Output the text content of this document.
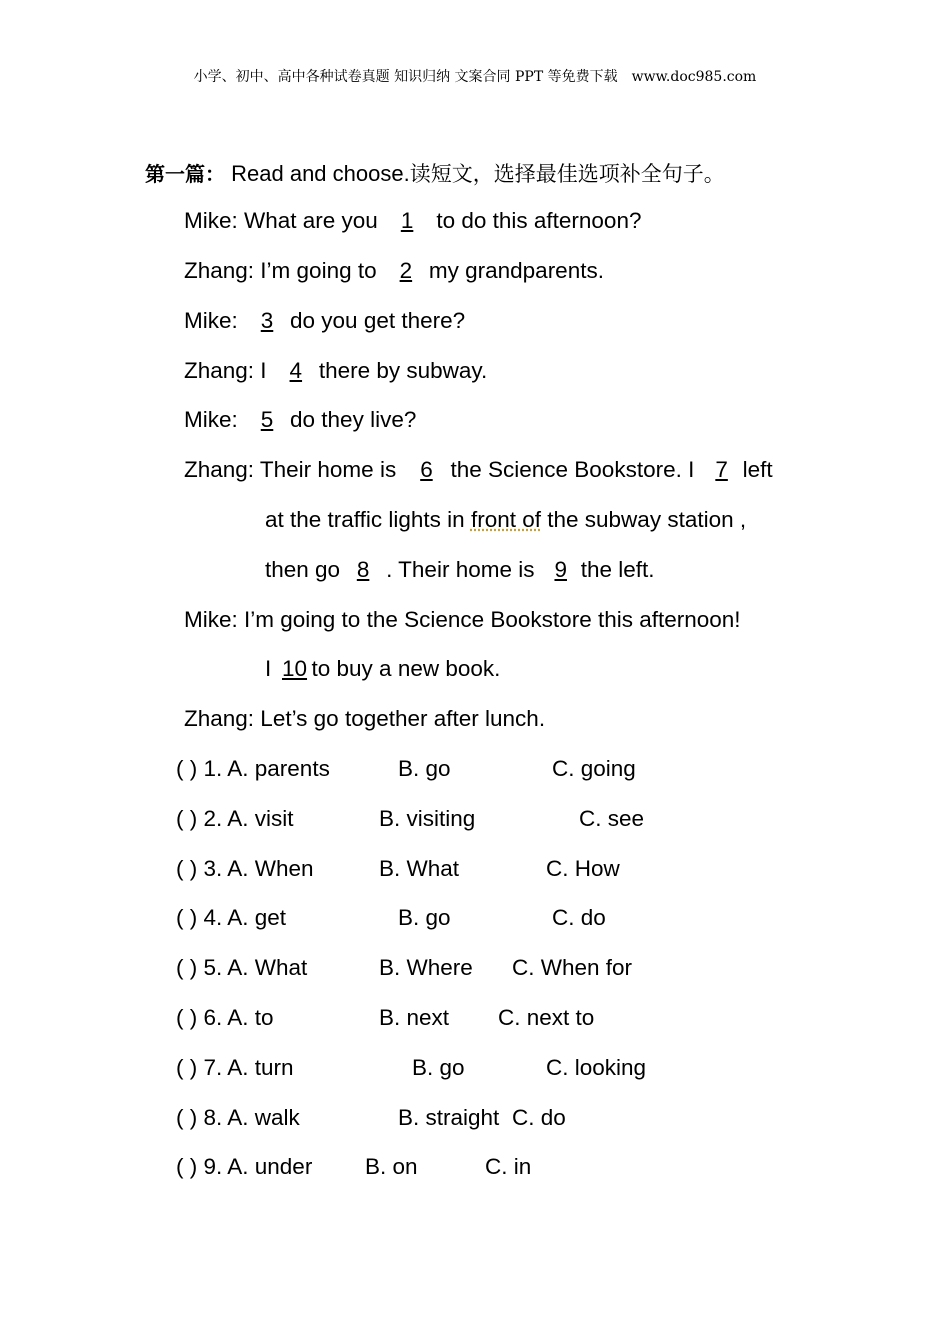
小学、初中、高中各种试卷真题 知识归纳 文案合同 PPT 等免费下载 www.doc985.com
第一篇： Read and choose.读短文，选择最佳选项补全句子。
Mike: What are you 1 to do this afternoon?
Zhang: I’m going to 2 my grandparents.
Mike: 3 do you get there?
Zhang: I 4 there by subway.
Mike: 5 do they live?
Zhang: Their home is 6 the Science Bookstore. I 7 left
at the traffic lights in front of the subway station ,
then go 8 . Their home is 9 the left.
Mike: I’m going to the Science Bookstore this afternoon!
I 10 to buy a new book.
Zhang: Let’s go together after lunch.
( ) 1. A. parents	B. go	C. going
( ) 2. A. visit	B. visiting	C. see
( ) 3. A. When	B. What	C. How
( ) 4. A. get	B. go	C. do
( ) 5. A. What	B. Where C. When for
( ) 6. A. to	B. next C. next to
( ) 7. A. turn	B. go	C. looking
( ) 8. A. walk	B. straight C. do
( ) 9. A. under B. on	C. in
